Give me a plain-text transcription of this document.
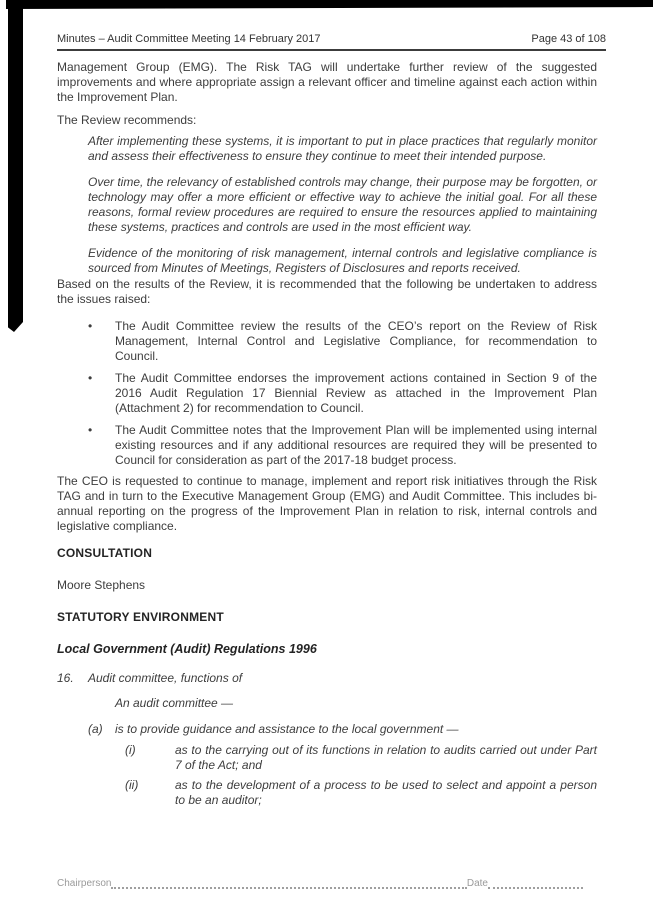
Minutes – Audit Committee Meeting 14 February 2017	Page 43 of 108
Management Group (EMG). The Risk TAG will undertake further review of the suggested improvements and where appropriate assign a relevant officer and timeline against each action within the Improvement Plan.
The Review recommends:
After implementing these systems, it is important to put in place practices that regularly monitor and assess their effectiveness to ensure they continue to meet their intended purpose.
Over time, the relevancy of established controls may change, their purpose may be forgotten, or technology may offer a more efficient or effective way to achieve the initial goal. For all these reasons, formal review procedures are required to ensure the resources applied to maintaining these systems, practices and controls are used in the most efficient way.
Evidence of the monitoring of risk management, internal controls and legislative compliance is sourced from Minutes of Meetings, Registers of Disclosures and reports received.
Based on the results of the Review, it is recommended that the following be undertaken to address the issues raised:
• The Audit Committee review the results of the CEO’s report on the Review of Risk Management, Internal Control and Legislative Compliance, for recommendation to Council.
• The Audit Committee endorses the improvement actions contained in Section 9 of the 2016 Audit Regulation 17 Biennial Review as attached in the Improvement Plan (Attachment 2) for recommendation to Council.
• The Audit Committee notes that the Improvement Plan will be implemented using internal existing resources and if any additional resources are required they will be presented to Council for consideration as part of the 2017-18 budget process.
The CEO is requested to continue to manage, implement and report risk initiatives through the Risk TAG and in turn to the Executive Management Group (EMG) and Audit Committee. This includes bi-annual reporting on the progress of the Improvement Plan in relation to risk, internal controls and legislative compliance.
CONSULTATION
Moore Stephens
STATUTORY ENVIRONMENT
Local Government (Audit) Regulations 1996
16.	Audit committee, functions of
An audit committee —
(a)	is to provide guidance and assistance to the local government —
(i)	as to the carrying out of its functions in relation to audits carried out under Part 7 of the Act; and
(ii)	as to the development of a process to be used to select and appoint a person to be an auditor;
Chairperson	Date
